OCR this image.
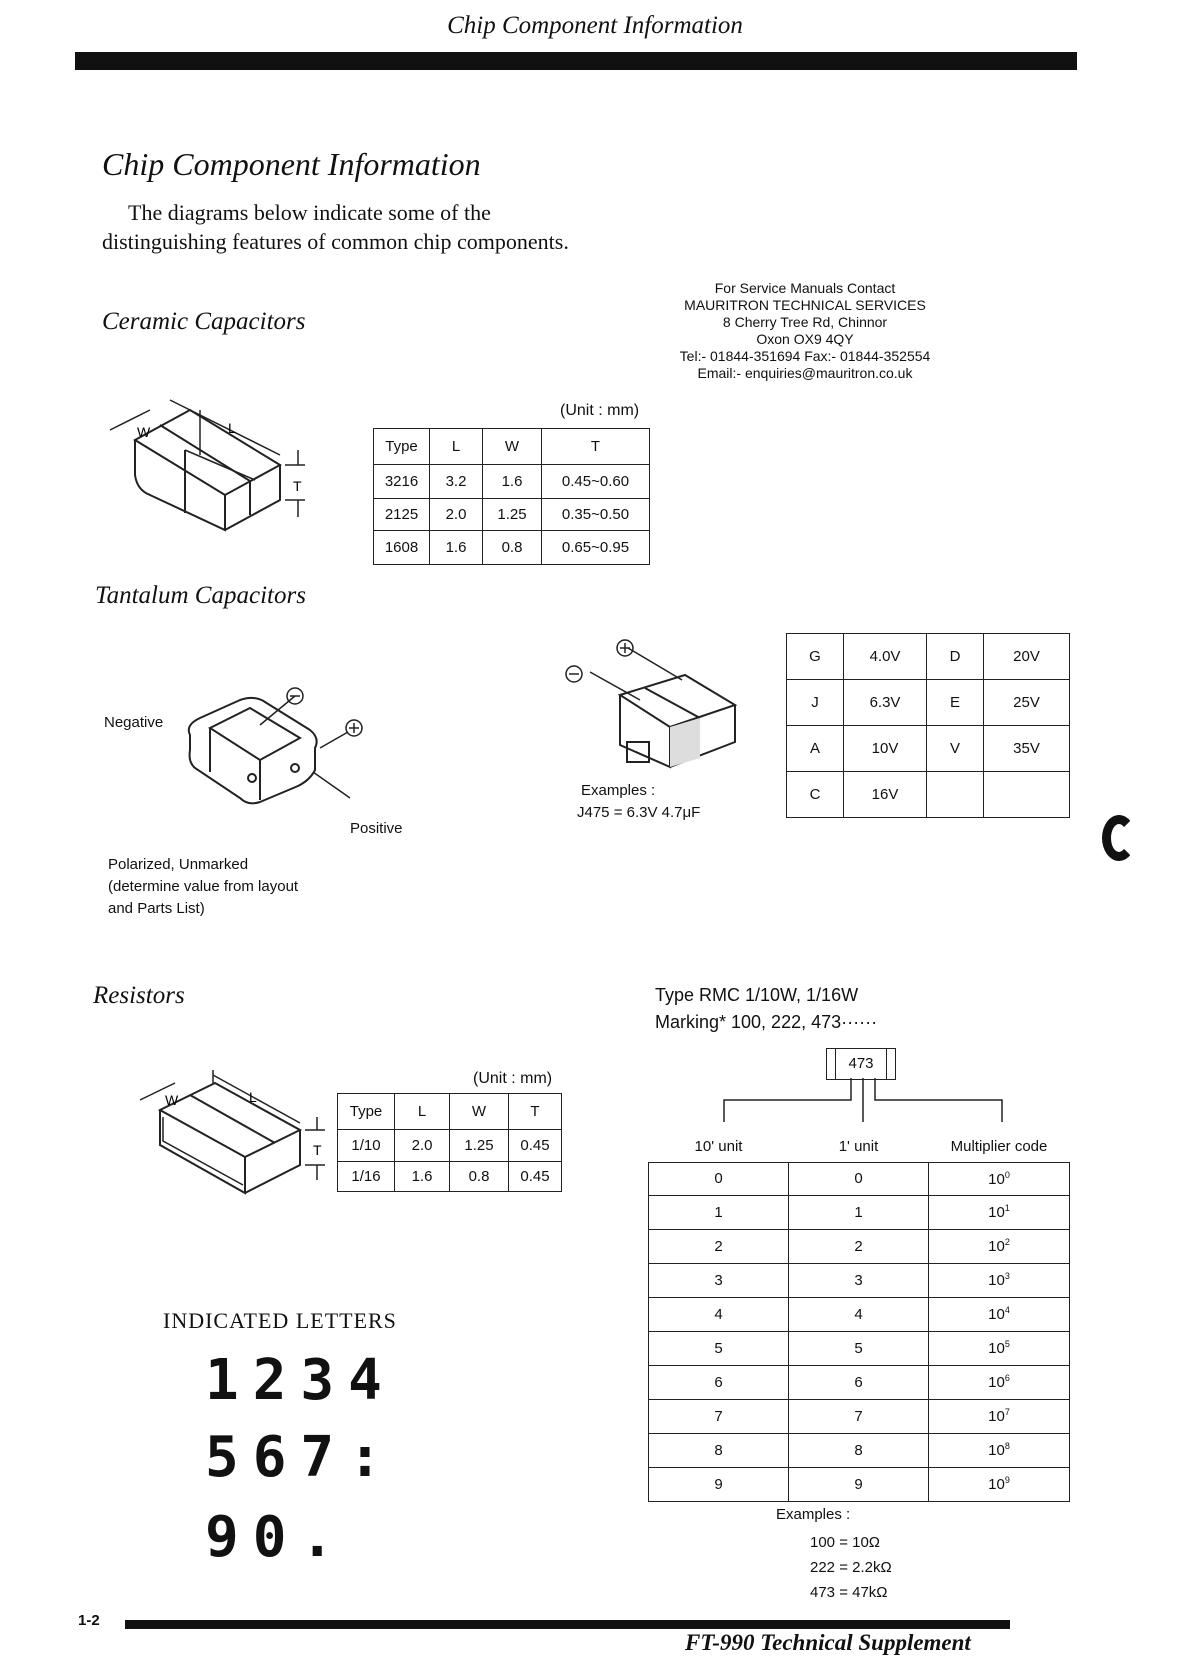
Chip Component Information
Chip Component Information
The diagrams below indicate some of the distinguishing features of common chip components.
For Service Manuals Contact
MAURITRON TECHNICAL SERVICES
8 Cherry Tree Rd, Chinnor
Oxon OX9 4QY
Tel:- 01844-351694 Fax:- 01844-352554
Email:- enquiries@mauritron.co.uk
Ceramic Capacitors
W	L
T
(Unit : mm)
Type	L	W	T
3216	3.2	1.6	0.45~0.60
2125	2.0	1.25	0.35~0.50
1608	1.6	0.8	0.65~0.95
Tantalum Capacitors
Negative
Positive
Polarized, Unmarked
(determine value from layout
and Parts List)
Examples :
J475 = 6.3V 4.7μF
G	4.0V	D	20V
J	6.3V	E	25V
A	10V	V	35V
C	16V		
Resistors
W	L
T
(Unit : mm)
Type	L	W	T
1/10	2.0	1.25	0.45
1/16	1.6	0.8	0.45
Type RMC 1/10W, 1/16W
Marking* 100, 222, 473······
473
10' unit	1' unit	Multiplier code
0	0	$10^0$
1	1	$10^1$
2	2	$10^2$
3	3	$10^3$
4	4	$10^4$
5	5	$10^5$
6	6	$10^6$
7	7	$10^7$
8	8	$10^8$
9	9	$10^9$
Examples :
100 = 10Ω
222 = 2.2kΩ
473 = 47kΩ
INDICATED LETTERS
1234
567:
90.
1-2
FT-990 Technical Supplement
